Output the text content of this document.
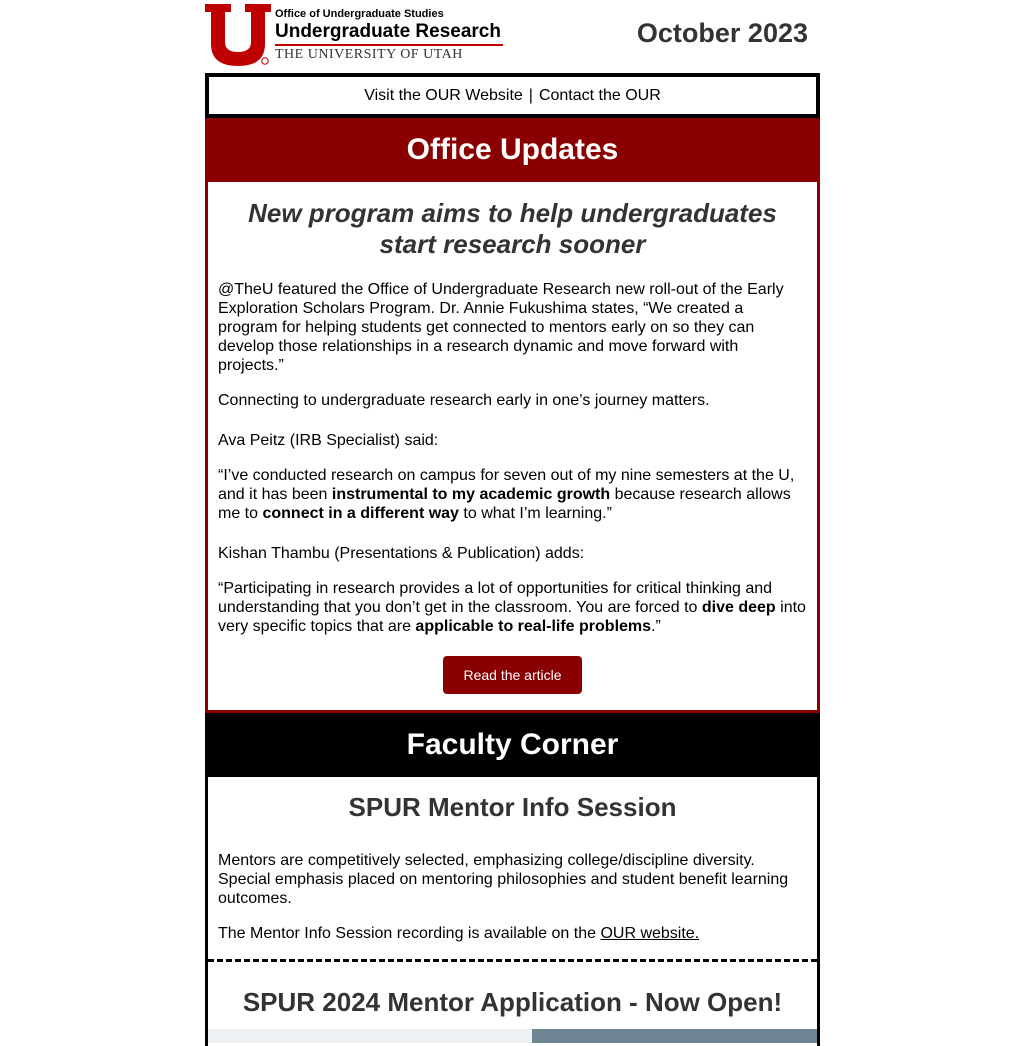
Office of Undergraduate Studies
Undergraduate Research
THE UNIVERSITY OF UTAH
October 2023
Visit the OUR Website | Contact the OUR
Office Updates
New program aims to help undergraduates start research sooner

@TheU featured the Office of Undergraduate Research new roll-out of the Early Exploration Scholars Program. Dr. Annie Fukushima states, “We created a program for helping students get connected to mentors early on so they can develop those relationships in a research dynamic and move forward with projects.”

Connecting to undergraduate research early in one’s journey matters.

Ava Peitz (IRB Specialist) said:

“I’ve conducted research on campus for seven out of my nine semesters at the U, and it has been instrumental to my academic growth because research allows me to connect in a different way to what I’m learning.”

Kishan Thambu (Presentations & Publication) adds:

“Participating in research provides a lot of opportunities for critical thinking and understanding that you don’t get in the classroom. You are forced to dive deep into very specific topics that are applicable to real-life problems.”

Read the article
Faculty Corner
SPUR Mentor Info Session

Mentors are competitively selected, emphasizing college/discipline diversity. Special emphasis placed on mentoring philosophies and student benefit learning outcomes.

The Mentor Info Session recording is available on the OUR website.

SPUR 2024 Mentor Application - Now Open!
